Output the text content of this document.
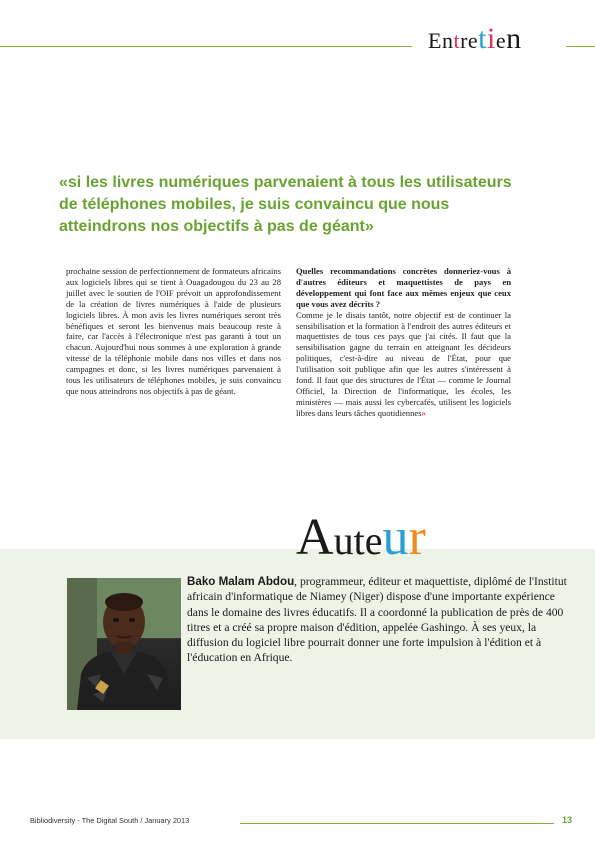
Entretien
«si les livres numériques parvenaient à tous les utilisateurs de téléphones mobiles, je suis convaincu que nous atteindrons nos objectifs à pas de géant»

prochaine session de perfectionnement de formateurs africains aux logiciels libres qui se tient à Ouagadougou du 23 au 28 juillet avec le soutien de l'OIF prévoit un approfondissement de la création de livres numériques à l'aide de plusieurs logiciels libres. À mon avis les livres numériques seront très bénéfiques et seront les bienvenus mais beaucoup reste à faire, car l'accès à l'électronique n'est pas garanti à tout un chacun. Aujourd'hui nous sommes à une exploration à grande vitesse de la téléphonie mobile dans nos villes et dans nos campagnes et donc, si les livres numériques parvenaient à tous les utilisateurs de téléphones mobiles, je suis convaincu que nous atteindrons nos objectifs à pas de géant.

Quelles recommandations concrètes donneriez-vous à d'autres éditeurs et maquettistes de pays en développement qui font face aux mêmes enjeux que ceux que vous avez décrits ?

Comme je le disais tantôt, notre objectif est de continuer la sensibilisation et la formation à l'endroit des autres éditeurs et maquettistes de tous ces pays que j'ai cités. Il faut que la sensibilisation gagne du terrain en atteignant les décideurs politiques, c'est-à-dire au niveau de l'État, pour que l'utilisation soit publique afin que les autres s'intéressent à fond. Il faut que des structures de l'État — comme le Journal Officiel, la Direction de l'informatique, les écoles, les ministères — mais aussi les cybercafés, utilisent les logiciels libres dans leurs tâches quotidiennes»

Auteur
Bako Malam Abdou, programmeur, éditeur et maquettiste, diplômé de l'Institut africain d'informatique de Niamey (Niger) dispose d'une importante expérience dans le domaine des livres éducatifs. Il a coordonné la publication de près de 400 titres et a créé sa propre maison d'édition, appelée Gashingo. À ses yeux, la diffusion du logiciel libre pourrait donner une forte impulsion à l'édition et à l'éducation en Afrique.
Bibliodiversity - The Digital South / January 2013	13
